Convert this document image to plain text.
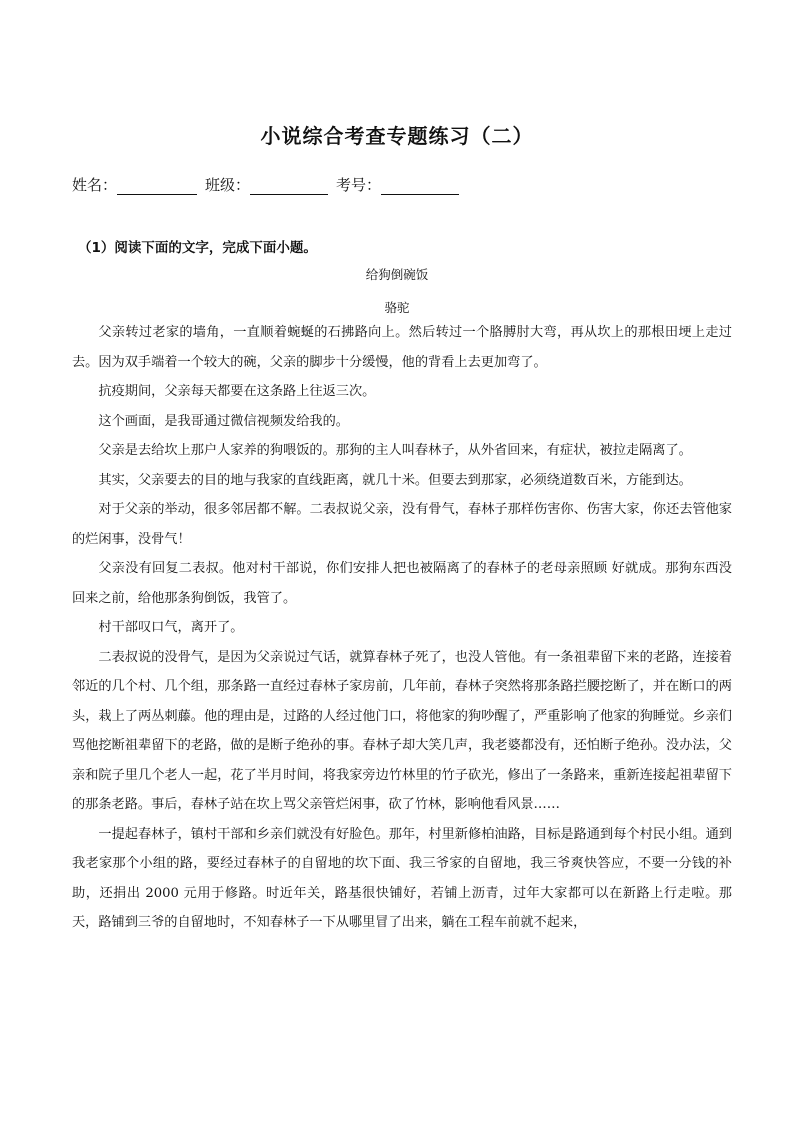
小说综合考查专题练习（二）
姓名：	班级：	考号：
（1）阅读下面的文字，完成下面小题。
给狗倒碗饭
骆驼

父亲转过老家的墙角，一直顺着蜿蜒的石拂路向上。然后转过一个胳膊肘大弯，再从坎上的那根田埂上走过去。因为双手端着一个较大的碗，父亲的脚步十分缓慢，他的背看上去更加弯了。

抗疫期间，父亲每天都要在这条路上往返三次。

这个画面，是我哥通过微信视频发给我的。

父亲是去给坎上那户人家养的狗喂饭的。那狗的主人叫春林子，从外省回来，有症状，被拉走隔离了。

其实，父亲要去的目的地与我家的直线距离，就几十米。但要去到那家，必须绕道数百米，方能到达。

对于父亲的举动，很多邻居都不解。二表叔说父亲，没有骨气，春林子那样伤害你、伤害大家，你还去管他家的烂闲事，没骨气！

父亲没有回复二表叔。他对村干部说，你们安排人把也被隔离了的春林子的老母亲照顾 好就成。那狗东西没回来之前，给他那条狗倒饭，我管了。

村干部叹口气，离开了。

二表叔说的没骨气，是因为父亲说过气话，就算春林子死了，也没人管他。有一条祖辈留下来的老路，连接着邻近的几个村、几个组，那条路一直经过春林子家房前，几年前，春林子突然将那条路拦腰挖断了，并在断口的两头，栽上了两丛刺藤。他的理由是，过路的人经过他门口，将他家的狗吵醒了，严重影响了他家的狗睡觉。乡亲们骂他挖断祖辈留下的老路，做的是断子绝孙的事。春林子却大笑几声，我老婆都没有，还怕断子绝孙。没办法，父亲和院子里几个老人一起，花了半月时间，将我家旁边竹林里的竹子砍光，修出了一条路来，重新连接起祖辈留下的那条老路。事后，春林子站在坎上骂父亲管烂闲事，砍了竹林，影响他看风景……

一提起春林子，镇村干部和乡亲们就没有好脸色。那年，村里新修柏油路，目标是路通到每个村民小组。通到我老家那个小组的路，要经过春林子的自留地的坎下面、我三爷家的自留地，我三爷爽快答应，不要一分钱的补助，还捐出 2000 元用于修路。时近年关，路基很快铺好，若铺上沥青，过年大家都可以在新路上行走啦。那天，路铺到三爷的自留地时，不知春林子一下从哪里冒了出来，躺在工程车前就不起来，
